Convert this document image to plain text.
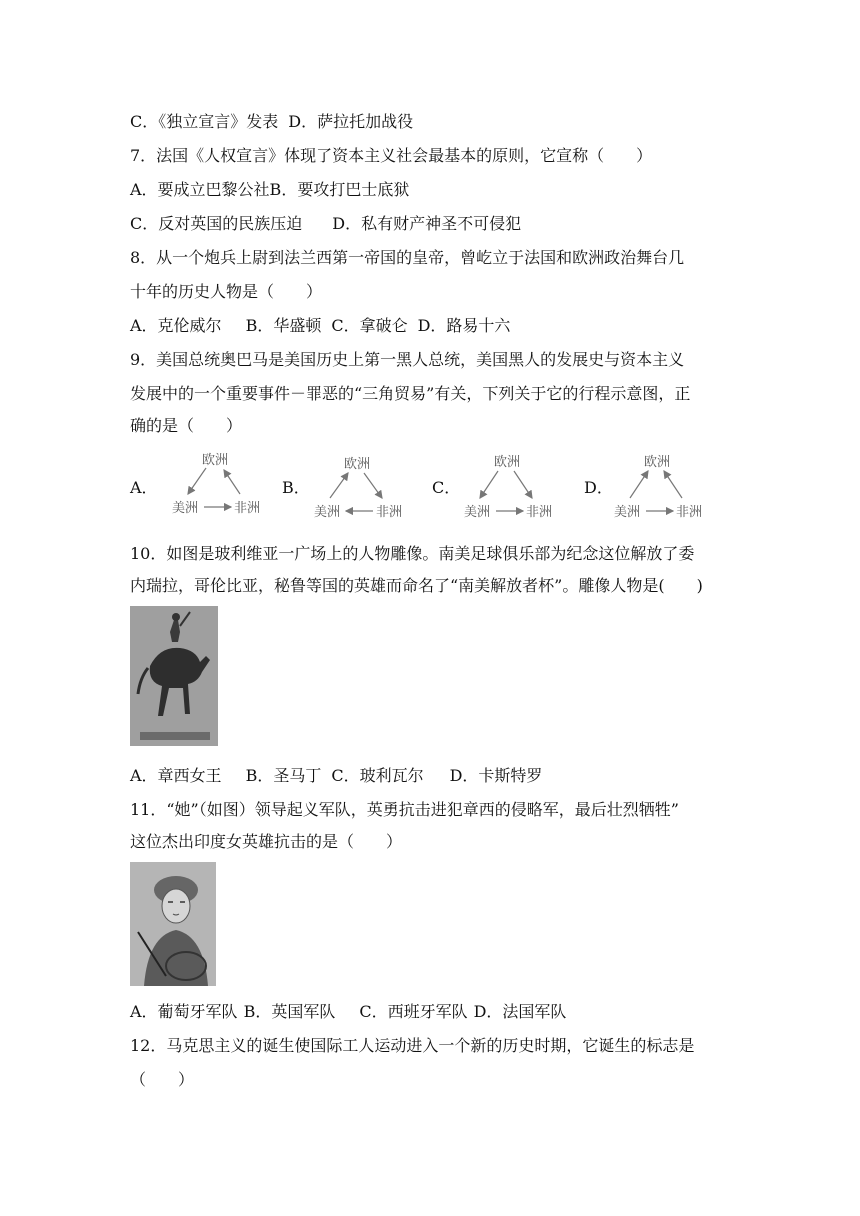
C．《独立宣言》发表 D．萨拉托加战役
7．法国《人权宣言》体现了资本主义社会最基本的原则，它宣称（　　）
A．要成立巴黎公社B．要攻打巴士底狱
C．反对英国的民族压迫 D．私有财产神圣不可侵犯
8．从一个炮兵上尉到法兰西第一帝国的皇帝，曾屹立于法国和欧洲政治舞台几
十年的历史人物是（　　）
A．克伦威尔 B．华盛顿 C．拿破仑 D．路易十六
9．美国总统奥巴马是美国历史上第一黑人总统，美国黑人的发展史与资本主义
发展中的一个重要事件－罪恶的“三角贸易”有关，下列关于它的行程示意图，正
确的是（　　）
A．
欧洲
美洲	非洲
B．
欧洲
美洲	非洲
C．
欧洲
美洲	非洲
D．
欧洲
美洲	非洲
10．如图是玻利维亚一广场上的人物雕像。南美足球俱乐部为纪念这位解放了委
内瑞拉，哥伦比亚，秘鲁等国的英雄而命名了“南美解放者杯”。雕像人物是(　　)
A．章西女王 B．圣马丁 C．玻利瓦尔 D．卡斯特罗
11．“她”（如图）领导起义军队，英勇抗击进犯章西的侵略军，最后壮烈牺牲”
这位杰出印度女英雄抗击的是（　　）
A．葡萄牙军队 B．英国军队 C．西班牙军队 D．法国军队
12．马克思主义的诞生使国际工人运动进入一个新的历史时期，它诞生的标志是
（　　）
